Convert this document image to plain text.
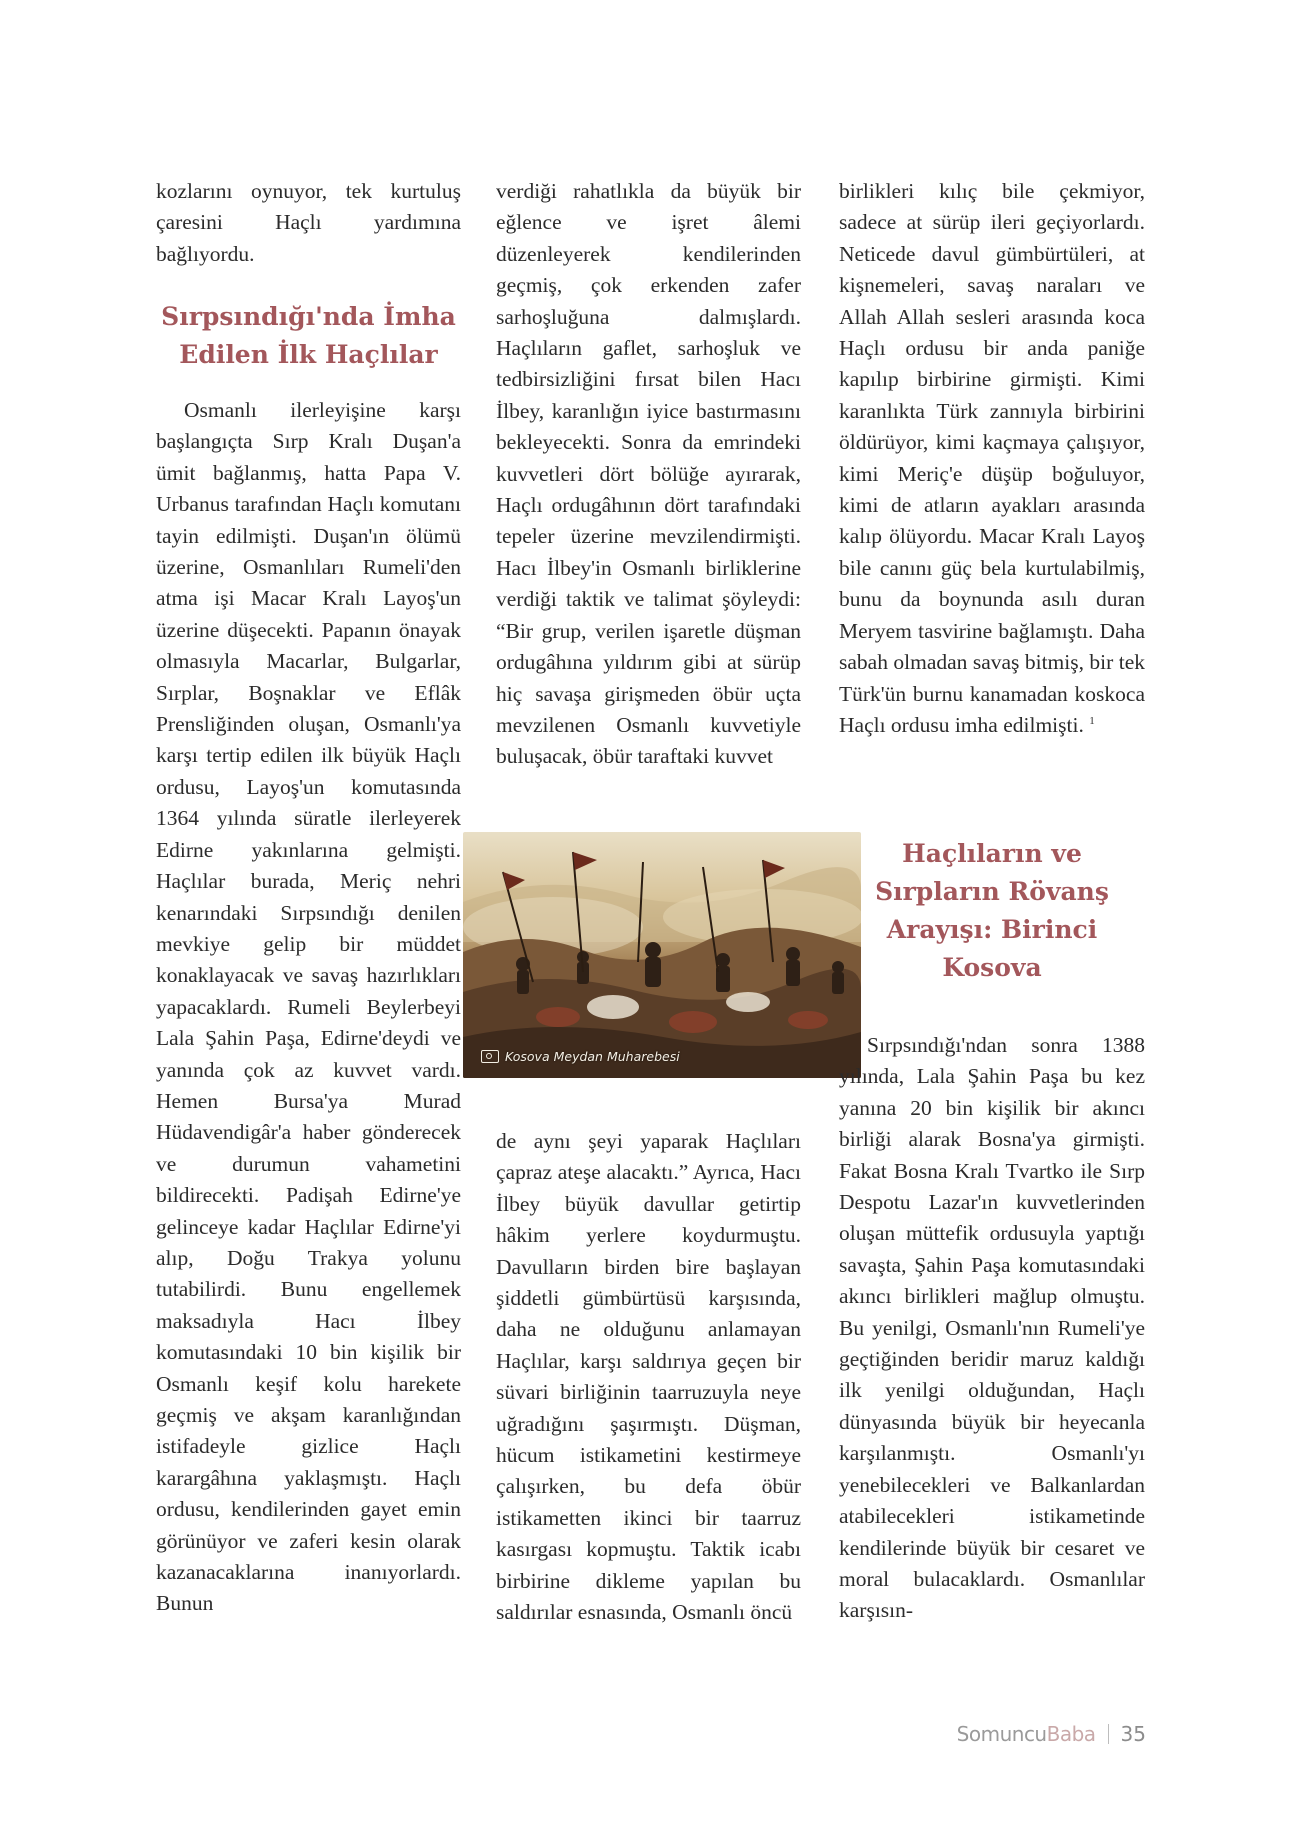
kozlarını oynuyor, tek kurtuluş çaresini Haçlı yardımına bağlıyordu.

Sırpsındığı'nda İmha Edilen İlk Haçlılar

Osmanlı ilerleyişine karşı başlangıçta Sırp Kralı Duşan'a ümit bağlanmış, hatta Papa V. Urbanus tarafından Haçlı komutanı tayin edilmişti. Duşan'ın ölümü üzerine, Osmanlıları Rumeli'den atma işi Macar Kralı Layoş'un üzerine düşecekti. Papanın önayak olmasıyla Macarlar, Bulgarlar, Sırplar, Boşnaklar ve Eflâk Prensliğinden oluşan, Osmanlı'ya karşı tertip edilen ilk büyük Haçlı ordusu, Layoş'un komutasında 1364 yılında süratle ilerleyerek Edirne yakınlarına gelmişti. Haçlılar burada, Meriç nehri kenarındaki Sırpsındığı denilen mevkiye gelip bir müddet konaklayacak ve savaş hazırlıkları yapacaklardı. Rumeli Beylerbeyi Lala Şahin Paşa, Edirne'deydi ve yanında çok az kuvvet vardı. Hemen Bursa'ya Murad Hüdavendigâr'a haber gönderecek ve durumun vahametini bildirecekti. Padişah Edirne'ye gelinceye kadar Haçlılar Edirne'yi alıp, Doğu Trakya yolunu tutabilirdi. Bunu engellemek maksadıyla Hacı İlbey komutasındaki 10 bin kişilik bir Osmanlı keşif kolu harekete geçmiş ve akşam karanlığından istifadeyle gizlice Haçlı karargâhına yaklaşmıştı. Haçlı ordusu, kendilerinden gayet emin görünüyor ve zaferi kesin olarak kazanacaklarına inanıyorlardı. Bunun

verdiği rahatlıkla da büyük bir eğlence ve işret âlemi düzenleyerek kendilerinden geçmiş, çok erkenden zafer sarhoşluğuna dalmışlardı. Haçlıların gaflet, sarhoşluk ve tedbirsizliğini fırsat bilen Hacı İlbey, karanlığın iyice bastırmasını bekleyecekti. Sonra da emrindeki kuvvetleri dört bölüğe ayırarak, Haçlı ordugâhının dört tarafındaki tepeler üzerine mevzilendirmişti. Hacı İlbey'in Osmanlı birliklerine verdiği taktik ve talimat şöyleydi: “Bir grup, verilen işaretle düşman ordugâhına yıldırım gibi at sürüp hiç savaşa girişmeden öbür uçta mevzilenen Osmanlı kuvvetiyle buluşacak, öbür taraftaki kuvvet

Kosova Meydan Muharebesi

de aynı şeyi yaparak Haçlıları çapraz ateşe alacaktı.” Ayrıca, Hacı İlbey büyük davullar getirtip hâkim yerlere koydurmuştu. Davulların birden bire başlayan şiddetli gümbürtüsü karşısında, daha ne olduğunu anlamayan Haçlılar, karşı saldırıya geçen bir süvari birliğinin taarruzuyla neye uğradığını şaşırmıştı. Düşman, hücum istikametini kestirmeye çalışırken, bu defa öbür istikametten ikinci bir taarruz kasırgası kopmuştu. Taktik icabı birbirine dikleme yapılan bu saldırılar esnasında, Osmanlı öncü

birlikleri kılıç bile çekmiyor, sadece at sürüp ileri geçiyorlardı. Neticede davul gümbürtüleri, at kişnemeleri, savaş naraları ve Allah Allah sesleri arasında koca Haçlı ordusu bir anda paniğe kapılıp birbirine girmişti. Kimi karanlıkta Türk zannıyla birbirini öldürüyor, kimi kaçmaya çalışıyor, kimi Meriç'e düşüp boğuluyor, kimi de atların ayakları arasında kalıp ölüyordu. Macar Kralı Layoş bile canını güç bela kurtulabilmiş, bunu da boynunda asılı duran Meryem tasvirine bağlamıştı. Daha sabah olmadan savaş bitmiş, bir tek Türk'ün burnu kanamadan koskoca Haçlı ordusu imha edilmişti. $^1$

Haçlıların ve Sırpların Rövanş Arayışı: Birinci Kosova

Sırpsındığı'ndan sonra 1388 yılında, Lala Şahin Paşa bu kez yanına 20 bin kişilik bir akıncı birliği alarak Bosna'ya girmişti. Fakat Bosna Kralı Tvartko ile Sırp Despotu Lazar'ın kuvvetlerinden oluşan müttefik ordusuyla yaptığı savaşta, Şahin Paşa komutasındaki akıncı birlikleri mağlup olmuştu. Bu yenilgi, Osmanlı'nın Rumeli'ye geçtiğinden beridir maruz kaldığı ilk yenilgi olduğundan, Haçlı dünyasında büyük bir heyecanla karşılanmıştı. Osmanlı'yı yenebilecekleri ve Balkanlardan atabilecekleri istikametinde kendilerinde büyük bir cesaret ve moral bulacaklardı. Osmanlılar karşısın-

SomuncuBaba 35
